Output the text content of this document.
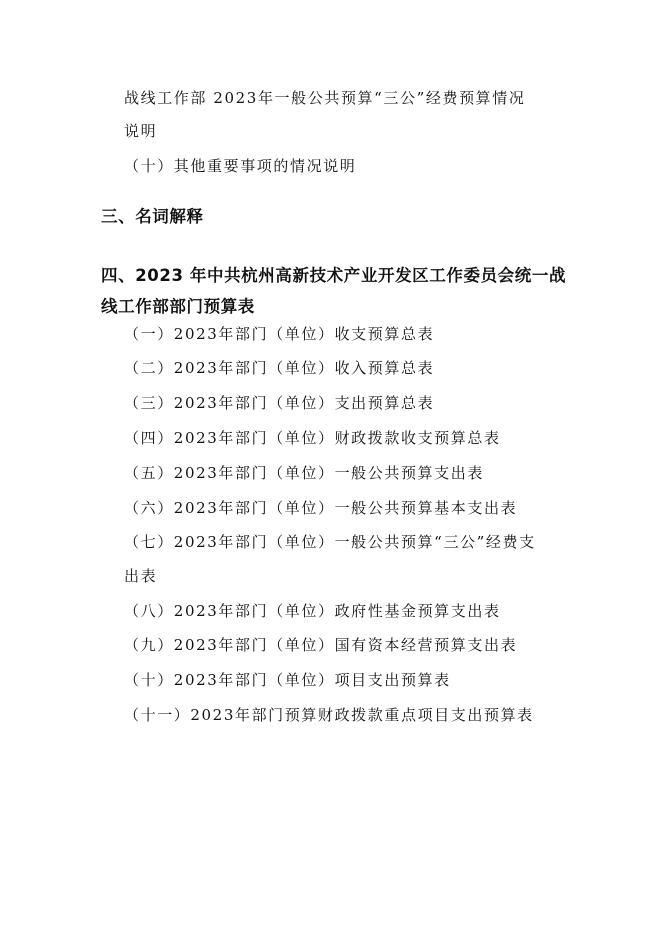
战线工作部 2023年一般公共预算“三公”经费预算情况
说明
（十）其他重要事项的情况说明
三、名词解释
四、2023 年中共杭州高新技术产业开发区工作委员会统一战
线工作部部门预算表
（一）2023年部门（单位）收支预算总表
（二）2023年部门（单位）收入预算总表
（三）2023年部门（单位）支出预算总表
（四）2023年部门（单位）财政拨款收支预算总表
（五）2023年部门（单位）一般公共预算支出表
（六）2023年部门（单位）一般公共预算基本支出表
（七）2023年部门（单位）一般公共预算“三公”经费支
出表
（八）2023年部门（单位）政府性基金预算支出表
（九）2023年部门（单位）国有资本经营预算支出表
（十）2023年部门（单位）项目支出预算表
（十一）2023年部门预算财政拨款重点项目支出预算表
